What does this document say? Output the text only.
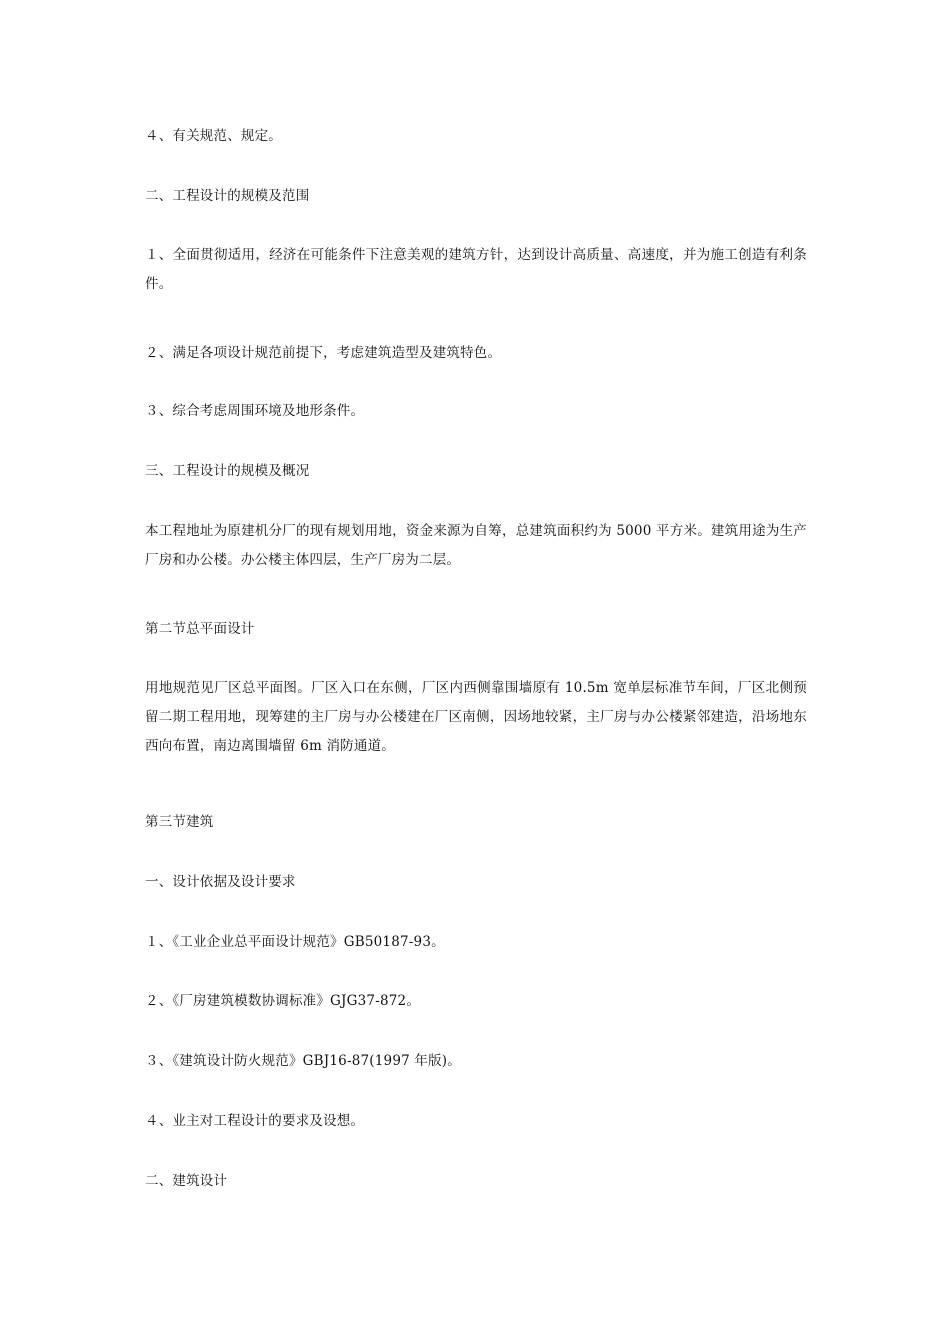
４、有关规范、规定。

二、工程设计的规模及范围

１、全面贯彻适用，经济在可能条件下注意美观的建筑方针，达到设计高质量、高速度，并为施工创造有利条件。

２、满足各项设计规范前提下，考虑建筑造型及建筑特色。

３、综合考虑周围环境及地形条件。

三、工程设计的规模及概况

本工程地址为原建机分厂的现有规划用地，资金来源为自筹，总建筑面积约为 5000 平方米。建筑用途为生产厂房和办公楼。办公楼主体四层，生产厂房为二层。

第二节总平面设计

用地规范见厂区总平面图。厂区入口在东侧，厂区内西侧靠围墙原有 10.5m 宽单层标准节车间，厂区北侧预留二期工程用地，现筹建的主厂房与办公楼建在厂区南侧，因场地较紧，主厂房与办公楼紧邻建造，沿场地东西向布置，南边离围墙留 6m 消防通道。

第三节建筑

一、设计依据及设计要求

１、《工业企业总平面设计规范》GB50187-93。

２、《厂房建筑模数协调标准》GJG37-872。

３、《建筑设计防火规范》GBJ16-87(1997 年版)。

４、业主对工程设计的要求及设想。

二、建筑设计
